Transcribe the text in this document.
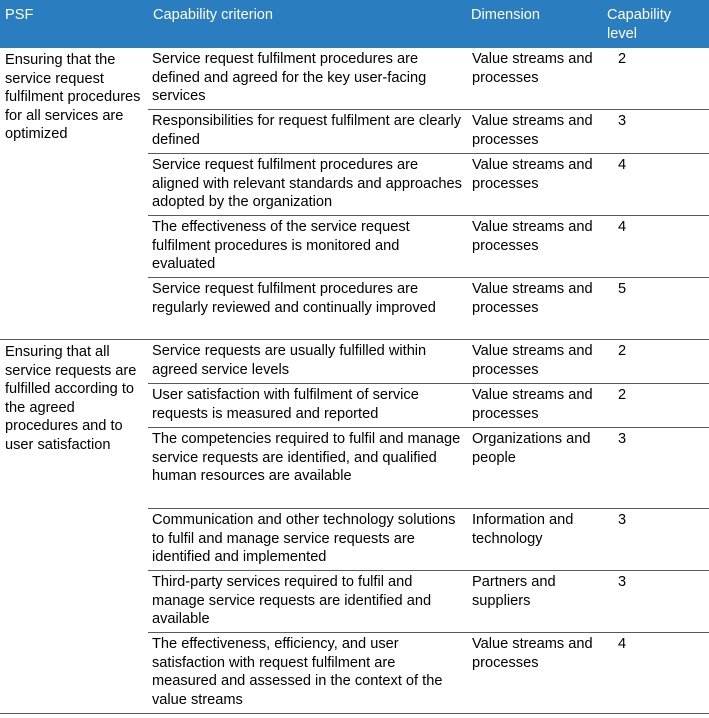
PSF	Capability criterion	Dimension	Capability level
Ensuring that the service request fulfilment procedures for all services are optimized	Service request fulfilment procedures are defined and agreed for the key user-facing services	Value streams and processes	2
	Responsibilities for request fulfilment are clearly defined	Value streams and processes	3
	Service request fulfilment procedures are aligned with relevant standards and approaches adopted by the organization	Value streams and processes	4
	The effectiveness of the service request fulfilment procedures is monitored and evaluated	Value streams and processes	4
	Service request fulfilment procedures are regularly reviewed and continually improved	Value streams and processes	5
Ensuring that all service requests are fulfilled according to the agreed procedures and to user satisfaction	Service requests are usually fulfilled within agreed service levels	Value streams and processes	2
	User satisfaction with fulfilment of service requests is measured and reported	Value streams and processes	2
	The competencies required to fulfil and manage service requests are identified, and qualified human resources are available	Organizations and people	3
	Communication and other technology solutions to fulfil and manage service requests are identified and implemented	Information and technology	3
	Third-party services required to fulfil and manage service requests are identified and available	Partners and suppliers	3
	The effectiveness, efficiency, and user satisfaction with request fulfilment are measured and assessed in the context of the value streams	Value streams and processes	4
